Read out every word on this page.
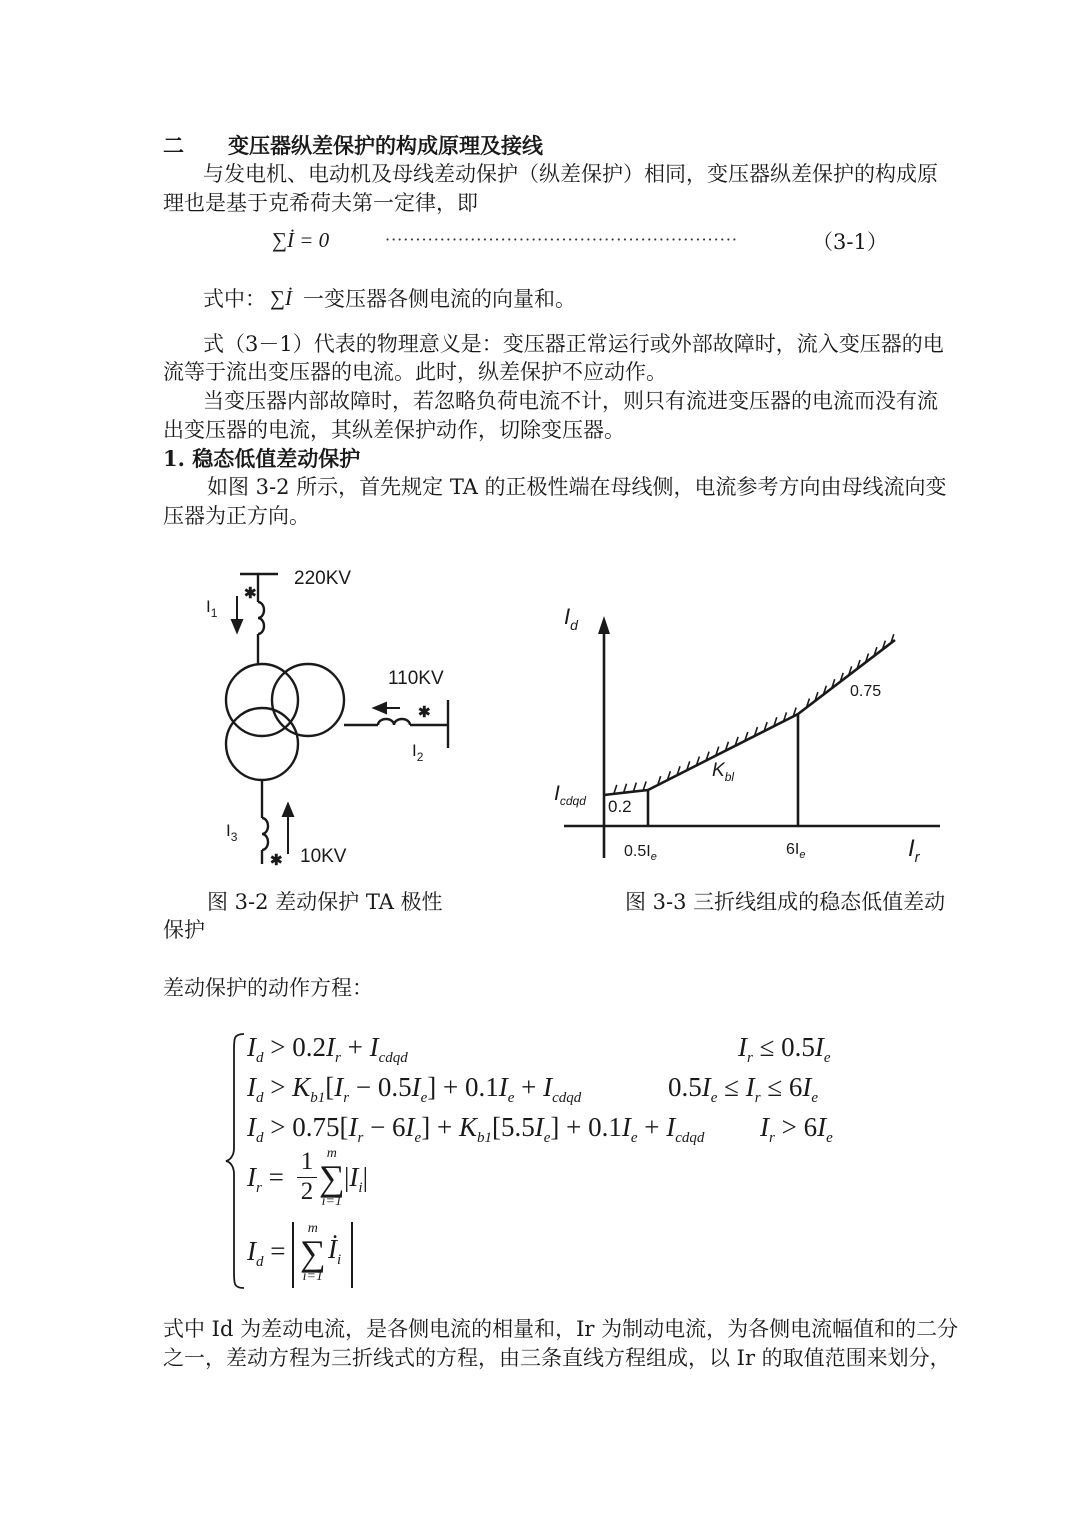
二 变压器纵差保护的构成原理及接线
与发电机、电动机及母线差动保护（纵差保护）相同，变压器纵差保护的构成原
理也是基于克希荷夫第一定律，即
∑İ = 0	··························································	（3-1）
式中： ∑İ 一变压器各侧电流的向量和。
式（3－1）代表的物理意义是：变压器正常运行或外部故障时，流入变压器的电
流等于流出变压器的电流。此时，纵差保护不应动作。
当变压器内部故障时，若忽略负荷电流不计，则只有流进变压器的电流而没有流
出变压器的电流，其纵差保护动作，切除变压器。
1. 稳态低值差动保护
如图 3-2 所示，首先规定 TA 的正极性端在母线侧，电流参考方向由母线流向变
压器为正方向。
✱
✱
✱
220KV
110KV
10KV
$I_1$
$I_2$
$I_3$
$I_d$
$I_r$
$I_{cdqd}$
$K_{bl}$
$0.5I_e$	$6I_e$
0.2
0.75
图 3-2 差动保护 TA 极性
保护
图 3-3 三折线组成的稳态低值差动
差动保护的动作方程：
$I_d > 0.2I_r + I_{cdqd}$	$I_r \le 0.5I_e$
$I_d > K_{b1}[I_r - 0.5I_e] + 0.1I_e + I_{cdqd}$	$0.5I_e \le I_r \le 6I_e$
$I_d > 0.75[I_r - 6I_e] + K_{b1}[5.5I_e] + 0.1I_e + I_{cdqd}$ $I_r > 6I_e$
$I_r$ =
1
2
m
∑
i=1
$|I_i|$
$I_d$ =
m
∑
i=1
$İ_i$
式中 Id 为差动电流，是各侧电流的相量和，Ir 为制动电流，为各侧电流幅值和的二分
之一，差动方程为三折线式的方程，由三条直线方程组成，以 Ir 的取值范围来划分，
